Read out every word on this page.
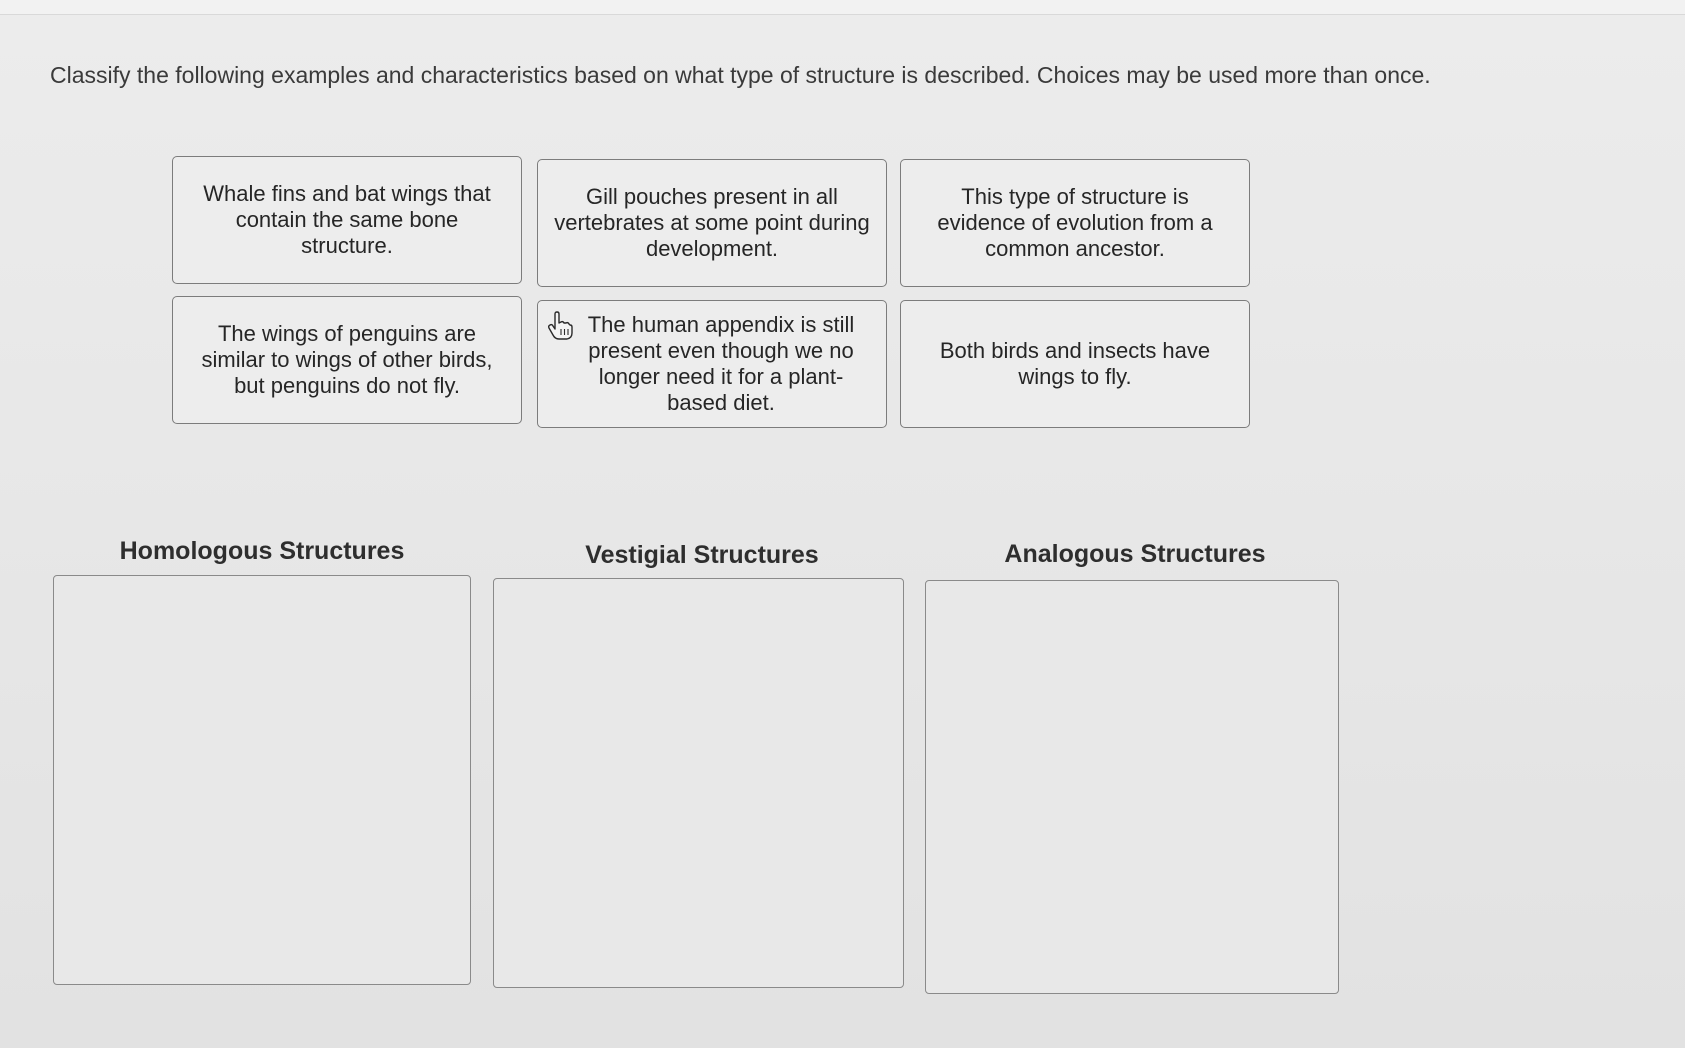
Classify the following examples and characteristics based on what type of structure is described. Choices may be used more than once.
Whale fins and bat wings that contain the same bone structure.
Gill pouches present in all vertebrates at some point during development.
This type of structure is evidence of evolution from a common ancestor.
The wings of penguins are similar to wings of other birds, but penguins do not fly.
The human appendix is still present even though we no longer need it for a plant-based diet.
Both birds and insects have wings to fly.
Homologous Structures	Vestigial Structures	Analogous Structures
